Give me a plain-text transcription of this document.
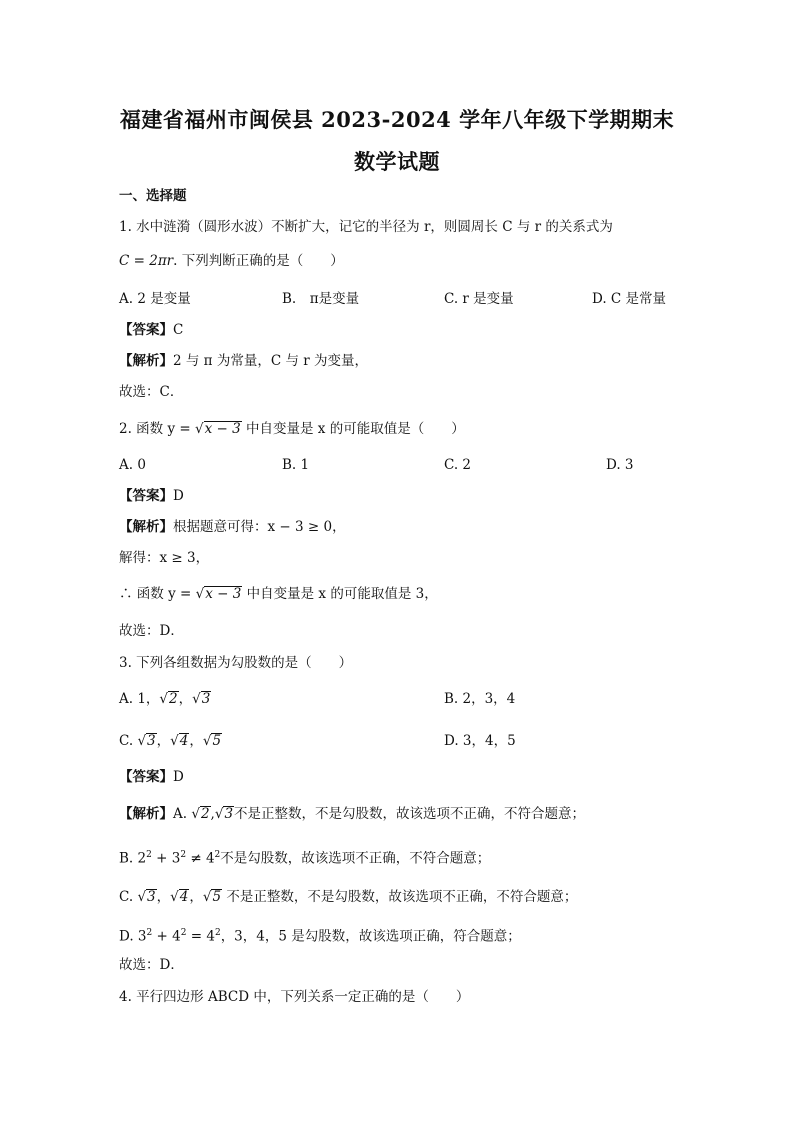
福建省福州市闽侯县 2023-2024 学年八年级下学期期末
数学试题
一、选择题
1. 水中涟漪（圆形水波）不断扩大，记它的半径为 r，则圆周长 C 与 r 的关系式为
C = 2πr. 下列判断正确的是（　　）
A. 2 是变量	B.　π是变量	C. r 是变量	D. C 是常量
【答案】C
【解析】2 与 π 为常量，C 与 r 为变量，
故选：C．
2. 函数 y = √x − 3 中自变量是 x 的可能取值是（　　）
A. 0	B. 1	C. 2	D. 3
【答案】D
【解析】根据题意可得：x − 3 ≥ 0，
解得：x ≥ 3，
∴ 函数 y = √x − 3 中自变量是 x 的可能取值是 3，
故选：D．
3. 下列各组数据为勾股数的是（　　）
A. 1，√2，√3	B. 2，3，4
C. √3，√4，√5	D. 3，4，5
【答案】D
【解析】A. √2,√3不是正整数，不是勾股数，故该选项不正确，不符合题意；
B. $2^2 + 3^2 \ne 4^2$不是勾股数，故该选项不正确，不符合题意；
C. √3，√4，√5 不是正整数，不是勾股数，故该选项不正确，不符合题意；
D. $3^2 + 4^2 = 4^2$，3，4，5 是勾股数，故该选项正确，符合题意；
故选：D．
4. 平行四边形 ABCD 中，下列关系一定正确的是（　　）
